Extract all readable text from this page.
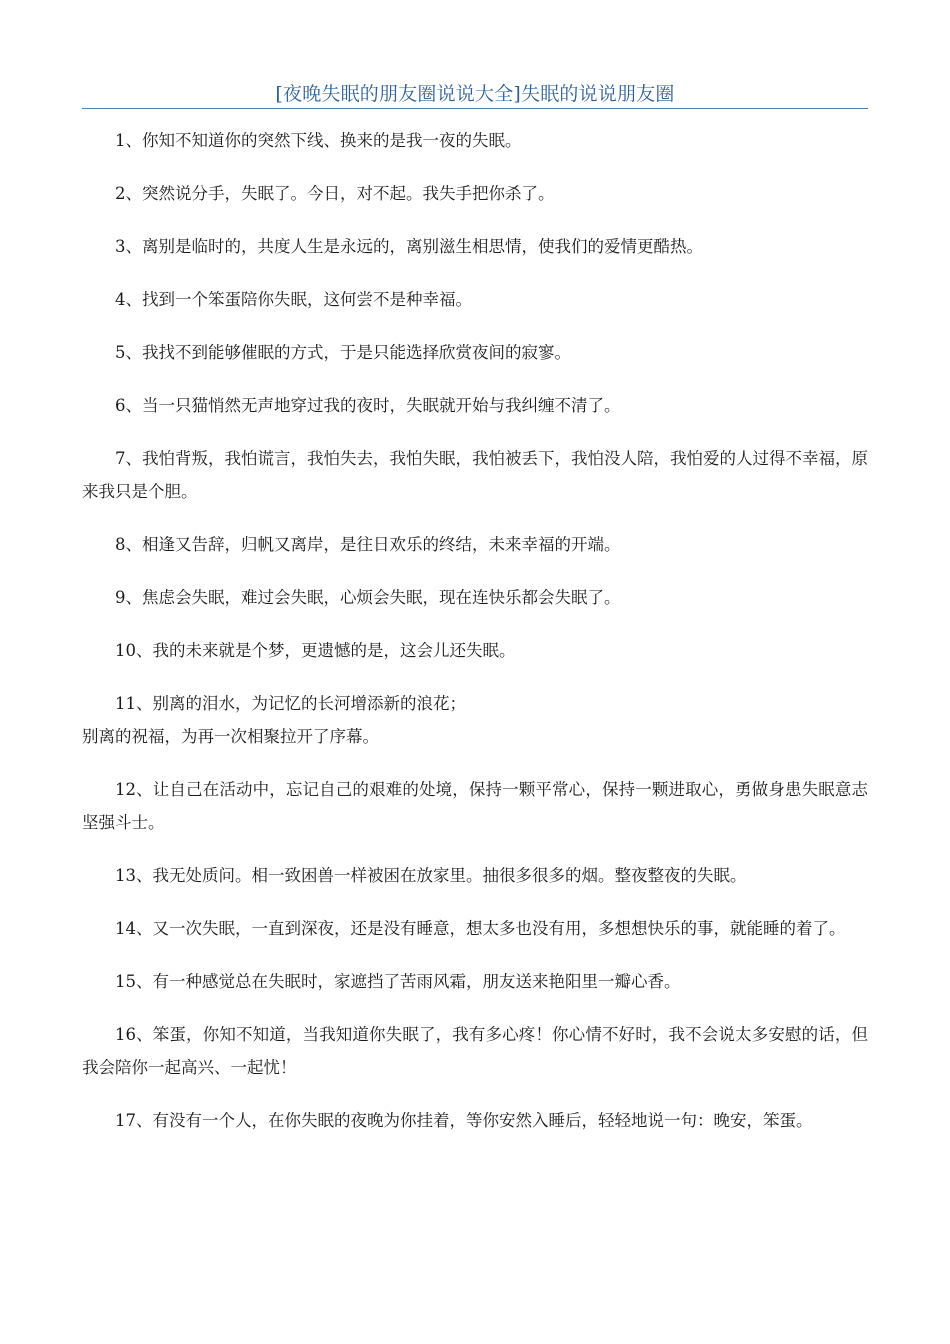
[夜晚失眠的朋友圈说说大全]失眠的说说朋友圈

1、你知不知道你的突然下线、换来的是我一夜的失眠。

2、突然说分手，失眠了。今日，对不起。我失手把你杀了。

3、离别是临时的，共度人生是永远的，离别滋生相思情，使我们的爱情更酷热。

4、找到一个笨蛋陪你失眠，这何尝不是种幸福。

5、我找不到能够催眠的方式，于是只能选择欣赏夜间的寂寥。

6、当一只猫悄然无声地穿过我的夜时，失眠就开始与我纠缠不清了。

7、我怕背叛，我怕谎言，我怕失去，我怕失眠，我怕被丢下，我怕没人陪，我怕爱的人过得不幸福，原来我只是个胆。

8、相逢又告辞，归帆又离岸，是往日欢乐的终结，未来幸福的开端。

9、焦虑会失眠，难过会失眠，心烦会失眠，现在连快乐都会失眠了。

10、我的未来就是个梦，更遗憾的是，这会儿还失眠。

11、别离的泪水，为记忆的长河增添新的浪花；
别离的祝福，为再一次相聚拉开了序幕。

12、让自己在活动中，忘记自己的艰难的处境，保持一颗平常心，保持一颗进取心，勇做身患失眠意志坚强斗士。

13、我无处质问。相一致困兽一样被困在放家里。抽很多很多的烟。整夜整夜的失眠。

14、又一次失眠，一直到深夜，还是没有睡意，想太多也没有用，多想想快乐的事，就能睡的着了。

15、有一种感觉总在失眠时，家遮挡了苦雨风霜，朋友送来艳阳里一瓣心香。

16、笨蛋，你知不知道，当我知道你失眠了，我有多心疼！你心情不好时，我不会说太多安慰的话，但我会陪你一起高兴、一起忧！

17、有没有一个人，在你失眠的夜晚为你挂着，等你安然入睡后，轻轻地说一句：晚安，笨蛋。
